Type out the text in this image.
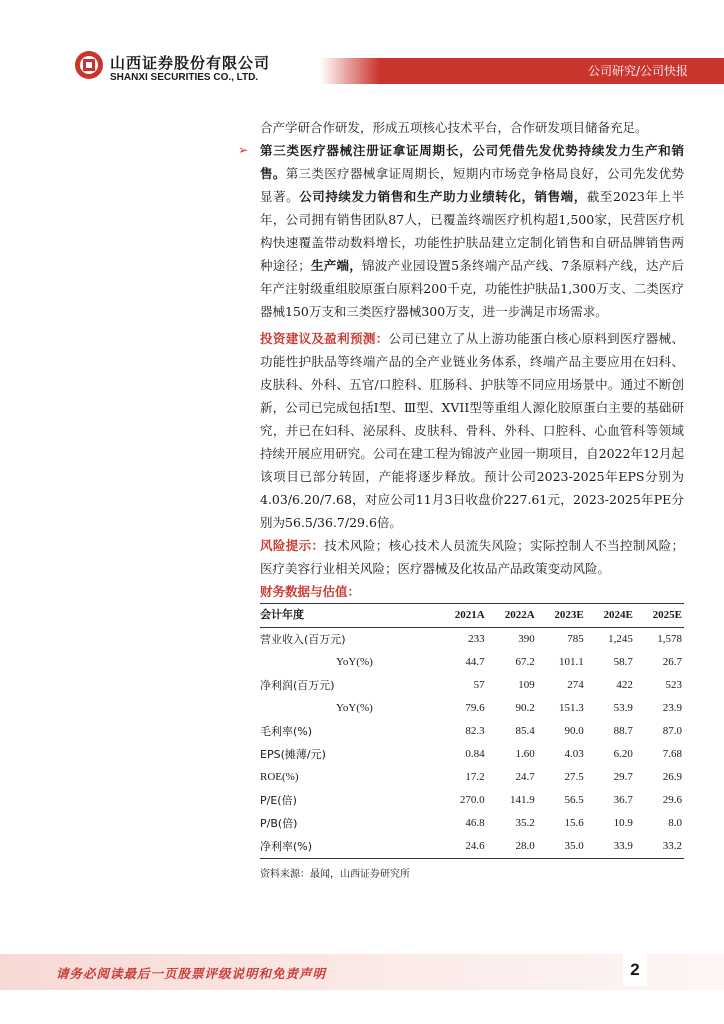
山西证券股份有限公司
SHANXI SECURITIES CO., LTD.	公司研究/公司快报

合产学研合作研发，形成五项核心技术平台，合作研发项目储备充足。

➢ 第三类医疗器械注册证拿证周期长，公司凭借先发优势持续发力生产和销售。第三类医疗器械拿证周期长，短期内市场竞争格局良好，公司先发优势显著。公司持续发力销售和生产助力业绩转化，销售端，截至2023年上半年，公司拥有销售团队87人，已覆盖终端医疗机构超1,500家，民营医疗机构快速覆盖带动数料增长，功能性护肤品建立定制化销售和自研品牌销售两种途径；生产端，锦波产业园设置5条终端产品产线、7条原料产线，达产后年产注射级重组胶原蛋白原料200千克，功能性护肤品1,300万支、二类医疗器械150万支和三类医疗器械300万支，进一步满足市场需求。

投资建议及盈利预测：公司已建立了从上游功能蛋白核心原料到医疗器械、功能性护肤品等终端产品的全产业链业务体系，终端产品主要应用在妇科、皮肤科、外科、五官/口腔科、肛肠科、护肤等不同应用场景中。通过不断创新，公司已完成包括Ⅰ型、Ⅲ型、XVII型等重组人源化胶原蛋白主要的基础研究，并已在妇科、泌尿科、皮肤科、骨科、外科、口腔科、心血管科等领域持续开展应用研究。公司在建工程为锦波产业园一期项目，自2022年12月起该项目已部分转固，产能将逐步释放。预计公司2023-2025年EPS分别为4.03/6.20/7.68，对应公司11月3日收盘价227.61元，2023-2025年PE分别为56.5/36.7/29.6倍。

风险提示：技术风险；核心技术人员流失风险；实际控制人不当控制风险；医疗美容行业相关风险；医疗器械及化妆品产品政策变动风险。

财务数据与估值：

会计年度	2021A	2022A	2023E	2024E	2025E
营业收入(百万元)	233	390	785	1,245	1,578
YoY(%)	44.7	67.2	101.1	58.7	26.7
净利润(百万元)	57	109	274	422	523
YoY(%)	79.6	90.2	151.3	53.9	23.9
毛利率(%)	82.3	85.4	90.0	88.7	87.0
EPS(摊薄/元)	0.84	1.60	4.03	6.20	7.68
ROE(%)	17.2	24.7	27.5	29.7	26.9
P/E(倍)	270.0	141.9	56.5	36.7	29.6
P/B(倍)	46.8	35.2	15.6	10.9	8.0
净利率(%)	24.6	28.0	35.0	33.9	33.2
资料来源：最闻，山西证券研究所
请务必阅读最后一页股票评级说明和免责声明	2
